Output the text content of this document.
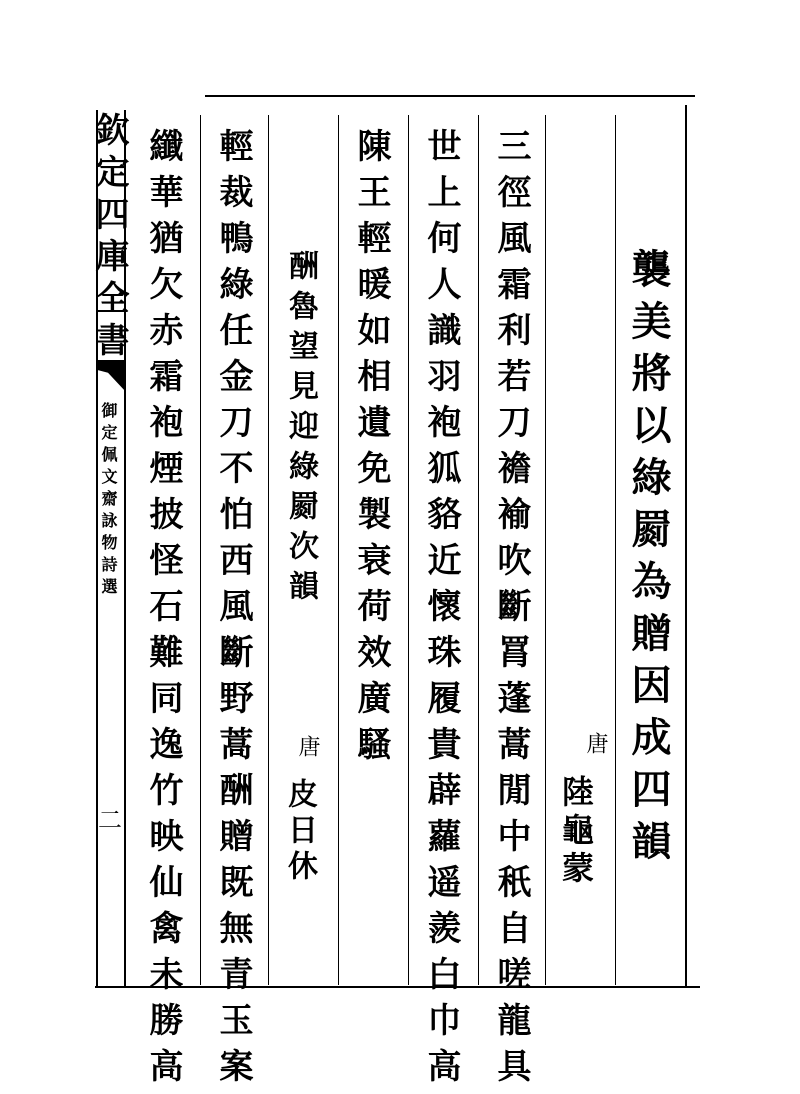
欽定四庫全書
御定佩文齋詠物詩選
二	襲美將以綠罽為贈因成四韻
唐
陸龜蒙
三徑風霜利若刀襜褕吹斷罥蓬蒿閒中秖自嗟龍具
世上何人識羽袍狐貉近懷珠履貴薜蘿遥羨白巾高
陳王輕暖如相遺免製衰荷效廣騷
酬魯望見迎綠罽次韻
唐
皮日休
輕裁鴨綠任金刀不怕西風斷野蒿酬贈既無青玉案
纖華猶欠赤霜袍煙披怪石難同逸竹映仙禽未勝高
